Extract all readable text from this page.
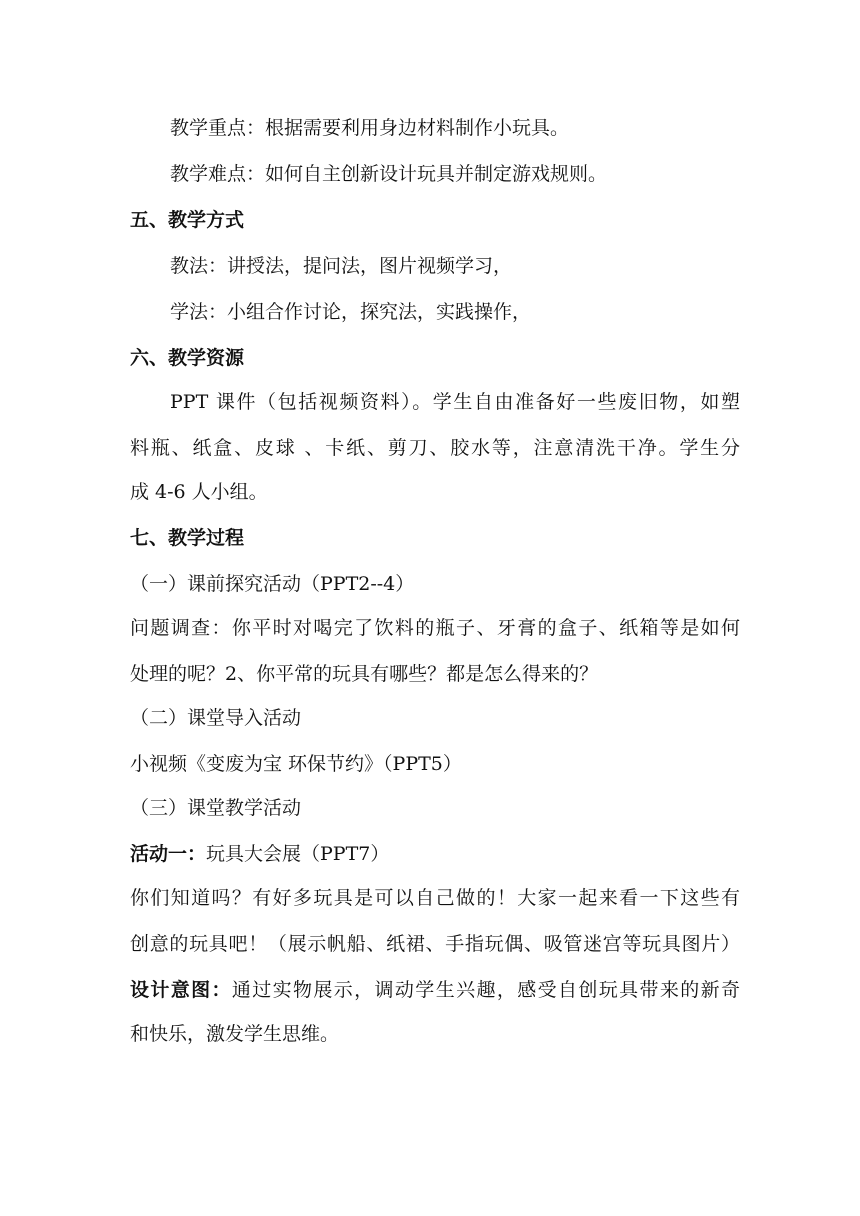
教学重点：根据需要利用身边材料制作小玩具。

教学难点：如何自主创新设计玩具并制定游戏规则。

五、教学方式

教法：讲授法，提问法，图片视频学习，

学法：小组合作讨论，探究法，实践操作，

六、教学资源

PPT 课件（包括视频资料）。学生自由准备好一些废旧物，如塑

料瓶、纸盒、皮球 、卡纸、剪刀、胶水等，注意清洗干净。学生分

成 4-6 人小组。

七、教学过程

（一）课前探究活动（PPT2--4）

问题调查：你平时对喝完了饮料的瓶子、牙膏的盒子、纸箱等是如何

处理的呢？2、你平常的玩具有哪些？都是怎么得来的？

（二）课堂导入活动

小视频《变废为宝 环保节约》（PPT5）

（三）课堂教学活动

活动一：玩具大会展（PPT7）

你们知道吗？有好多玩具是可以自己做的！大家一起来看一下这些有

创意的玩具吧！（展示帆船、纸裙、手指玩偶、吸管迷宫等玩具图片）

设计意图：通过实物展示，调动学生兴趣，感受自创玩具带来的新奇

和快乐，激发学生思维。
